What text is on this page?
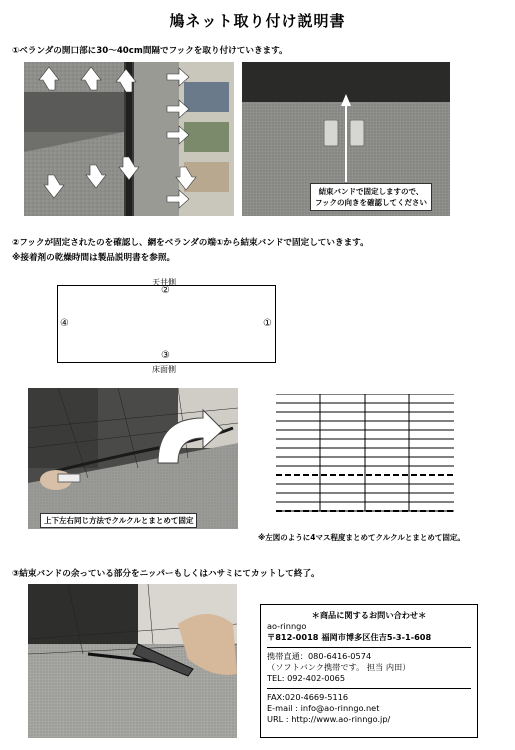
鳩ネット取り付け説明書
①ベランダの開口部に30～40cm間隔でフックを取り付けていきます。
結束バンドで固定しますので、
フックの向きを確認してください
②フックが固定されたのを確認し、網をベランダの端①から結束バンドで固定していきます。
※接着剤の乾燥時間は製品説明書を参照。
天井側
②
③
④	①
床面側
上下左右同じ方法でクルクルとまとめて固定
※左図のように4マス程度まとめてクルクルとまとめて固定。
③結束バンドの余っている部分をニッパーもしくはハサミにてカットして終了。
＊商品に関するお問い合わせ＊
ao-rinngo
〒812-0018 福岡市博多区住吉5-3-1-608
携帯直通：080-6416-0574
（ソフトバンク携帯です。 担当 内田）
TEL: 092-402-0065
FAX:020-4669-5116
E-mail : info@ao-rinngo.net
URL : http://www.ao-rinngo.jp/
